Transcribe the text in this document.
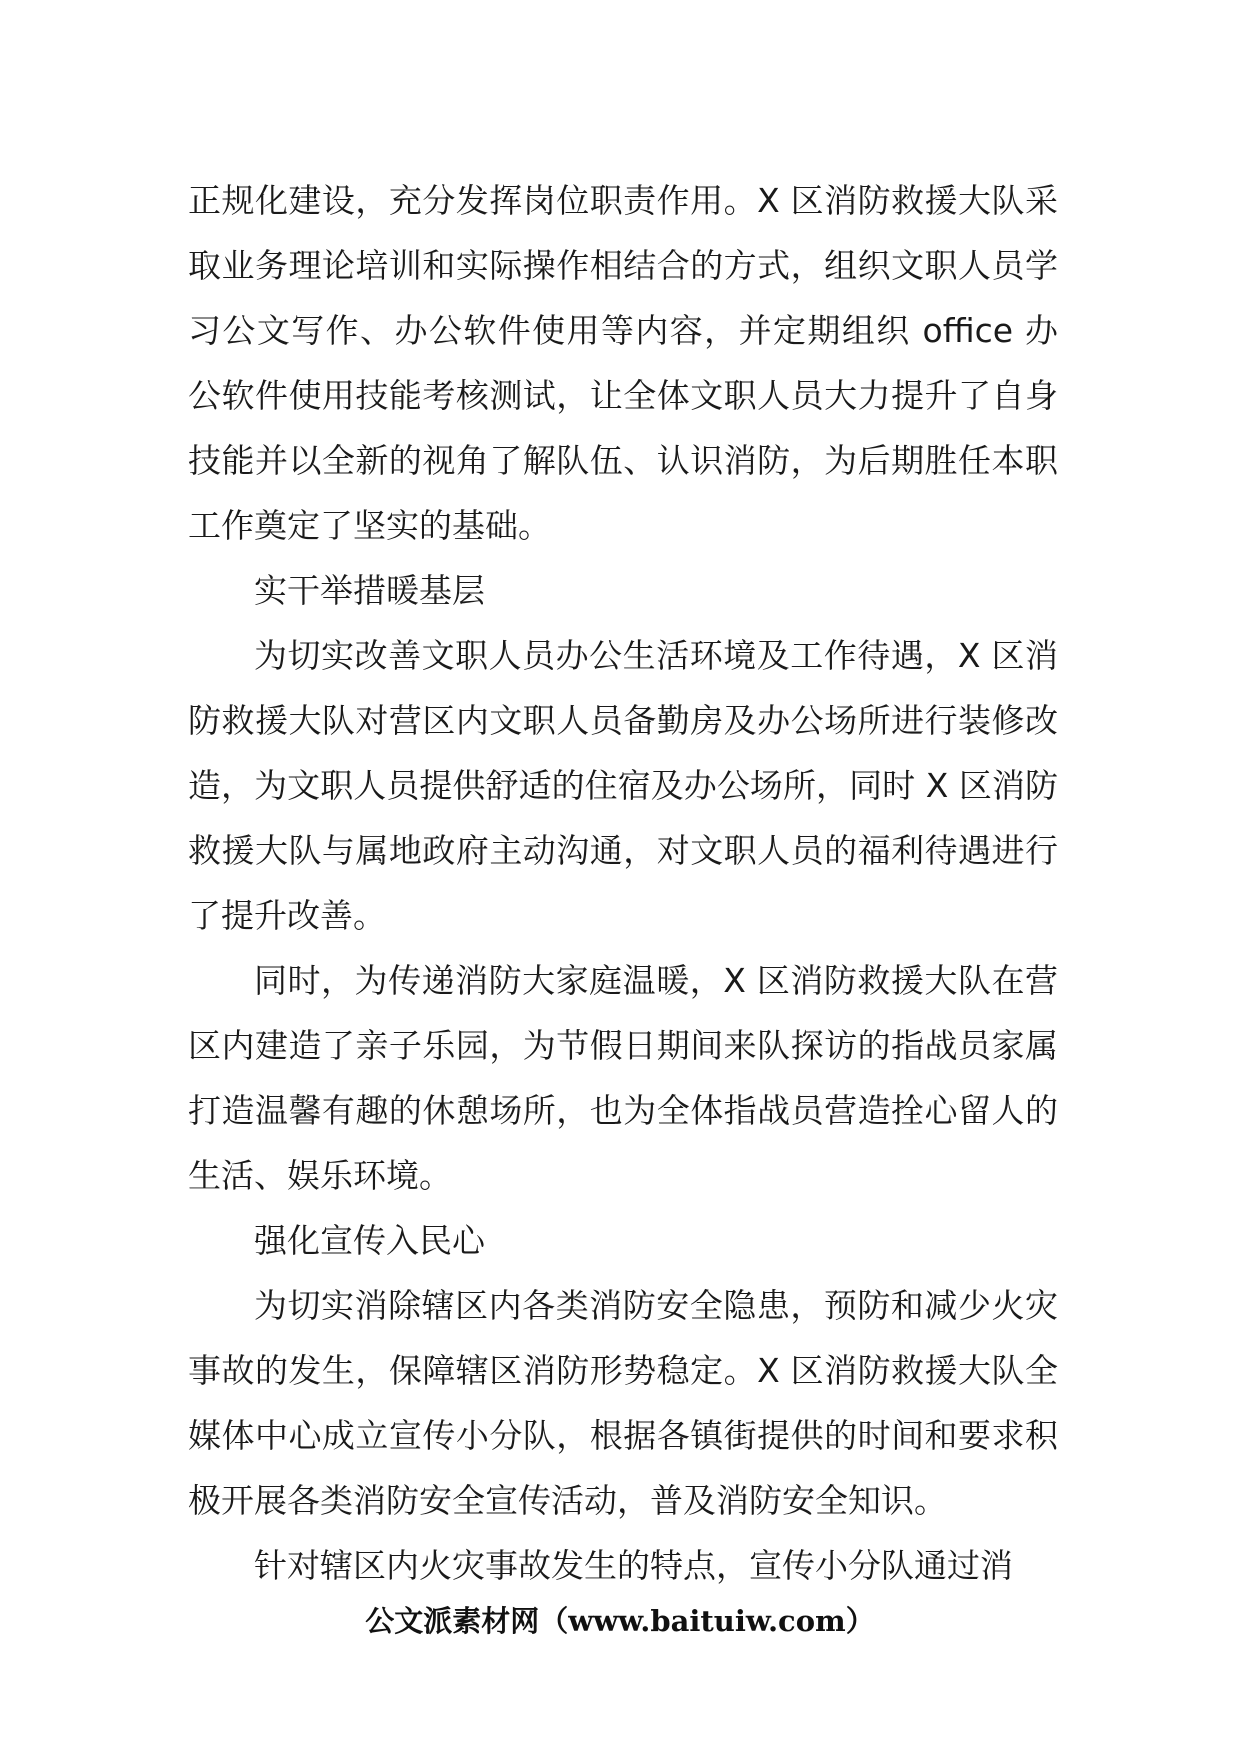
正规化建设，充分发挥岗位职责作用。X 区消防救援大队采取业务理论培训和实际操作相结合的方式，组织文职人员学习公文写作、办公软件使用等内容，并定期组织 office 办公软件使用技能考核测试，让全体文职人员大力提升了自身技能并以全新的视角了解队伍、认识消防，为后期胜任本职工作奠定了坚实的基础。

实干举措暖基层

为切实改善文职人员办公生活环境及工作待遇，X 区消防救援大队对营区内文职人员备勤房及办公场所进行装修改造，为文职人员提供舒适的住宿及办公场所，同时 X 区消防救援大队与属地政府主动沟通，对文职人员的福利待遇进行了提升改善。

同时，为传递消防大家庭温暖，X 区消防救援大队在营区内建造了亲子乐园，为节假日期间来队探访的指战员家属打造温馨有趣的休憩场所，也为全体指战员营造拴心留人的生活、娱乐环境。

强化宣传入民心

为切实消除辖区内各类消防安全隐患，预防和减少火灾事故的发生，保障辖区消防形势稳定。X 区消防救援大队全媒体中心成立宣传小分队，根据各镇街提供的时间和要求积极开展各类消防安全宣传活动，普及消防安全知识。

针对辖区内火灾事故发生的特点，宣传小分队通过消

公文派素材网（www.baituiw.com）
